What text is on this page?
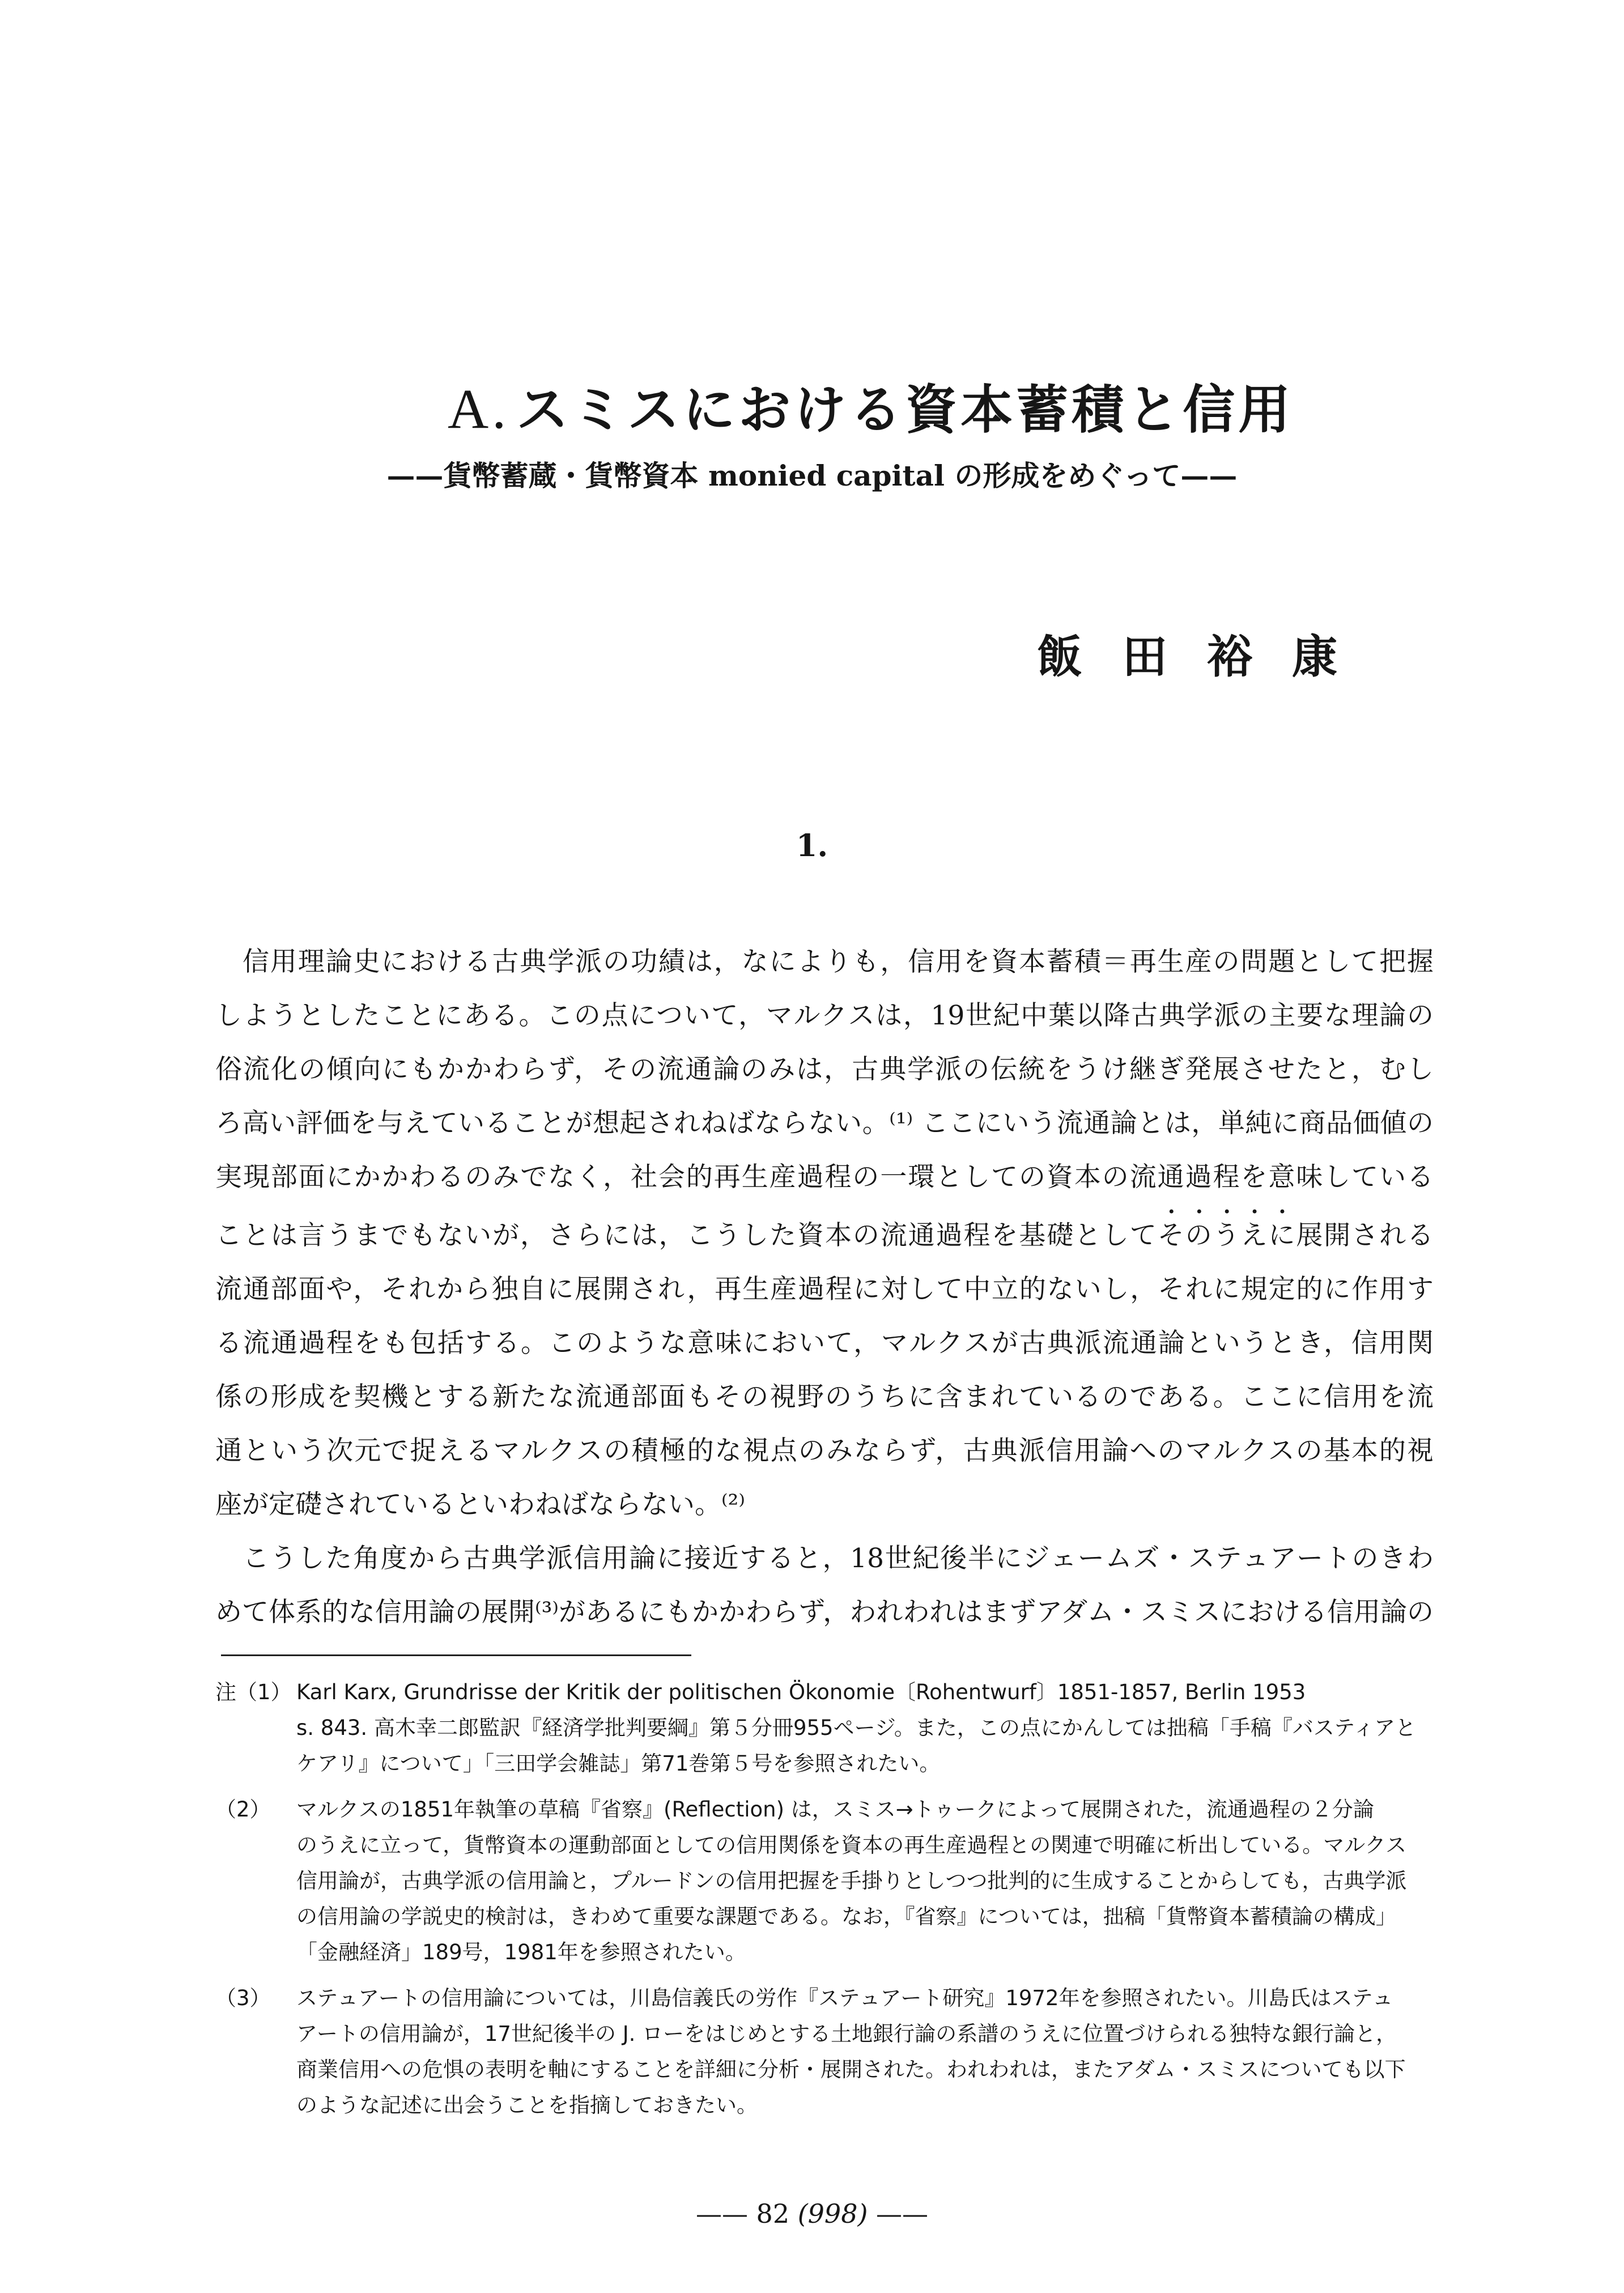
A. スミスにおける資本蓄積と信用
——貨幣蓄蔵・貨幣資本 monied capital の形成をめぐって——
飯田裕康
1.
信用理論史における古典学派の功績は，なによりも，信用を資本蓄積＝再生産の問題として把握
しようとしたことにある。この点について，マルクスは，19世紀中葉以降古典学派の主要な理論の
俗流化の傾向にもかかわらず，その流通論のみは，古典学派の伝統をうけ継ぎ発展させたと，むし
ろ高い評価を与えていることが想起されねばならない。⁽¹⁾ ここにいう流通論とは，単純に商品価値の
実現部面にかかわるのみでなく，社会的再生産過程の一環としての資本の流通過程を意味している
ことは言うまでもないが，さらには，こうした資本の流通過程を基礎としてそのうえに展開される
流通部面や，それから独自に展開され，再生産過程に対して中立的ないし，それに規定的に作用す
る流通過程をも包括する。このような意味において，マルクスが古典派流通論というとき，信用関
係の形成を契機とする新たな流通部面もその視野のうちに含まれているのである。ここに信用を流
通という次元で捉えるマルクスの積極的な視点のみならず，古典派信用論へのマルクスの基本的視
座が定礎されているといわねばならない。⁽²⁾
こうした角度から古典学派信用論に接近すると，18世紀後半にジェームズ・ステュアートのきわ
めて体系的な信用論の展開⁽³⁾があるにもかかわらず，われわれはまずアダム・スミスにおける信用論の
注（1） Karl Karx, Grundrisse der Kritik der politischen Ökonomie〔Rohentwurf〕1851-1857, Berlin 1953
s. 843. 高木幸二郎監訳『経済学批判要綱』第５分冊955ページ。また，この点にかんしては拙稿「手稿『バスティアと
ケアリ』について」「三田学会雑誌」第71巻第５号を参照されたい。
（2） マルクスの1851年執筆の草稿『省察』(Reflection) は，スミス→トゥークによって展開された，流通過程の２分論
のうえに立って，貨幣資本の運動部面としての信用関係を資本の再生産過程との関連で明確に析出している。マルクス
信用論が，古典学派の信用論と，プルードンの信用把握を手掛りとしつつ批判的に生成することからしても，古典学派
の信用論の学説史的検討は，きわめて重要な課題である。なお，『省察』については，拙稿「貨幣資本蓄積論の構成」
「金融経済」189号，1981年を参照されたい。
（3） ステュアートの信用論については，川島信義氏の労作『ステュアート研究』1972年を参照されたい。川島氏はステュ
アートの信用論が，17世紀後半の J. ローをはじめとする土地銀行論の系譜のうえに位置づけられる独特な銀行論と，
商業信用への危惧の表明を軸にすることを詳細に分析・展開された。われわれは，またアダム・スミスについても以下
のような記述に出会うことを指摘しておきたい。
—— 82 (998) ——
